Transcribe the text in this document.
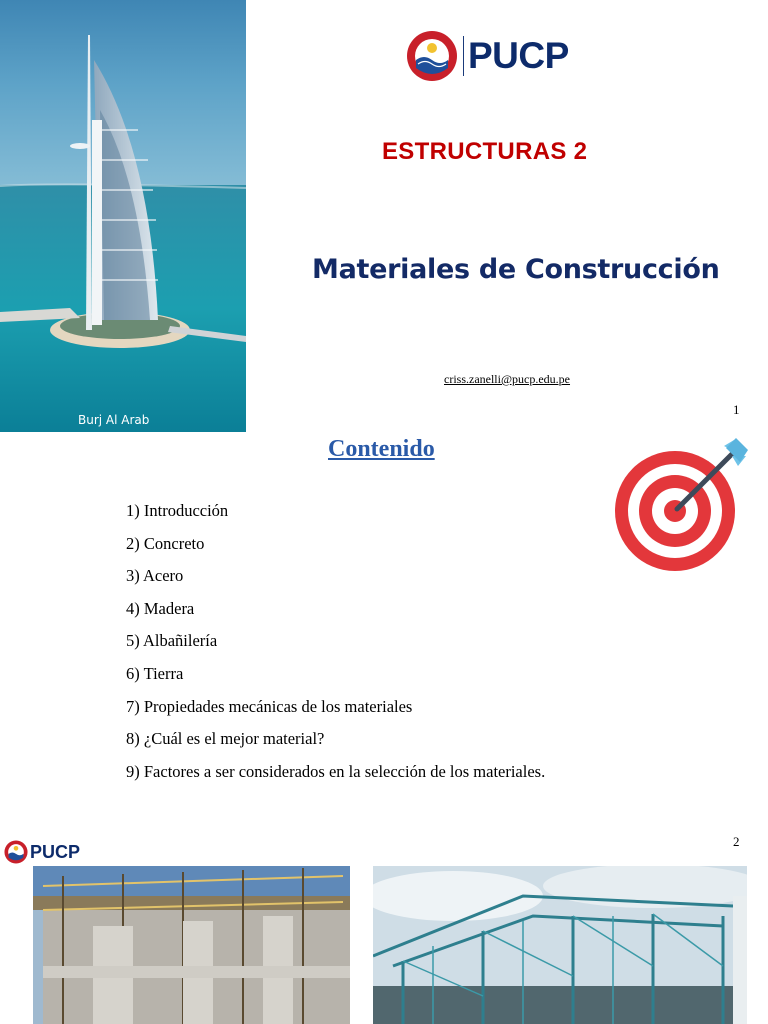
Burj Al Arab
PUCP
ESTRUCTURAS 2
Materiales de Construcción
criss.zanelli@pucp.edu.pe
1
Contenido
1) Introducción
2) Concreto
3) Acero
4) Madera
5) Albañilería
6) Tierra
7) Propiedades mecánicas de los materiales
8) ¿Cuál es el mejor material?
9) Factores a ser considerados en la selección de los materiales.
PUCP	2
